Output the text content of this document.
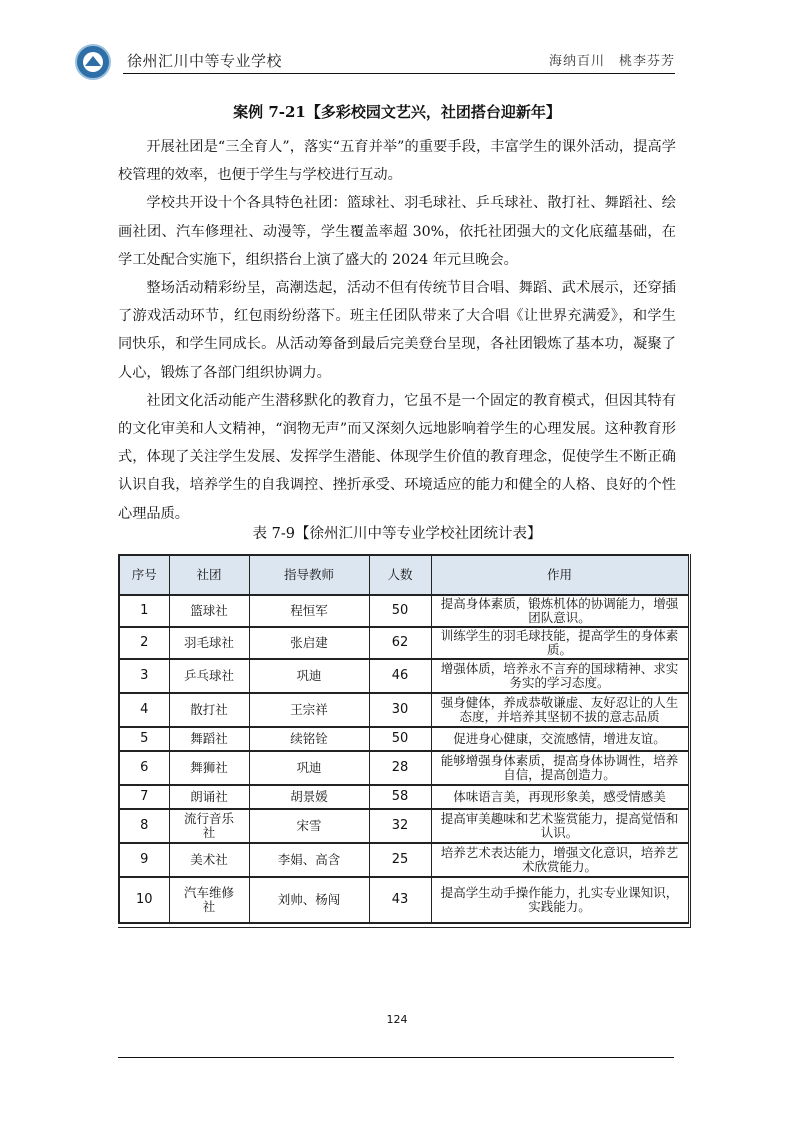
徐州汇川中等专业学校	海纳百川　桃李芬芳
案例 7-21【多彩校园文艺兴，社团搭台迎新年】

开展社团是“三全育人”，落实“五育并举”的重要手段，丰富学生的课外活动，提高学校管理的效率，也便于学生与学校进行互动。

学校共开设十个各具特色社团：篮球社、羽毛球社、乒乓球社、散打社、舞蹈社、绘画社团、汽车修理社、动漫等，学生覆盖率超 30%，依托社团强大的文化底蕴基础，在学工处配合实施下，组织搭台上演了盛大的 2024 年元旦晚会。

整场活动精彩纷呈，高潮迭起，活动不但有传统节目合唱、舞蹈、武术展示，还穿插了游戏活动环节，红包雨纷纷落下。班主任团队带来了大合唱《让世界充满爱》，和学生同快乐，和学生同成长。从活动筹备到最后完美登台呈现，各社团锻炼了基本功，凝聚了人心，锻炼了各部门组织协调力。

社团文化活动能产生潜移默化的教育力，它虽不是一个固定的教育模式，但因其特有的文化审美和人文精神，“润物无声”而又深刻久远地影响着学生的心理发展。这种教育形式，体现了关注学生发展、发挥学生潜能、体现学生价值的教育理念，促使学生不断正确认识自我，培养学生的自我调控、挫折承受、环境适应的能力和健全的人格、良好的个性心理品质。

表 7-9【徐州汇川中等专业学校社团统计表】
序号	社团	指导教师	人数	作用
1	篮球社	程恒军	50	提高身体素质，锻炼机体的协调能力，增强团队意识。
2	羽毛球社	张启建	62	训练学生的羽毛球技能，提高学生的身体素质。
3	乒乓球社	巩迪	46	增强体质，培养永不言弃的国球精神、求实务实的学习态度。
4	散打社	王宗祥	30	强身健体，养成恭敬谦虚、友好忍让的人生态度，并培养其坚韧不拔的意志品质
5	舞蹈社	续铭铨	50	促进身心健康，交流感情，增进友谊。
6	舞狮社	巩迪	28	能够增强身体素质，提高身体协调性，培养自信，提高创造力。
7	朗诵社	胡景媛	58	体味语言美，再现形象美，感受情感美
8	流行音乐社	宋雪	32	提高审美趣味和艺术鉴赏能力，提高觉悟和认识。
9	美术社	李娟、高含	25	培养艺术表达能力，增强文化意识，培养艺术欣赏能力。
10	汽车维修社	刘帅、杨闯	43	提高学生动手操作能力，扎实专业课知识，实践能力。
124
